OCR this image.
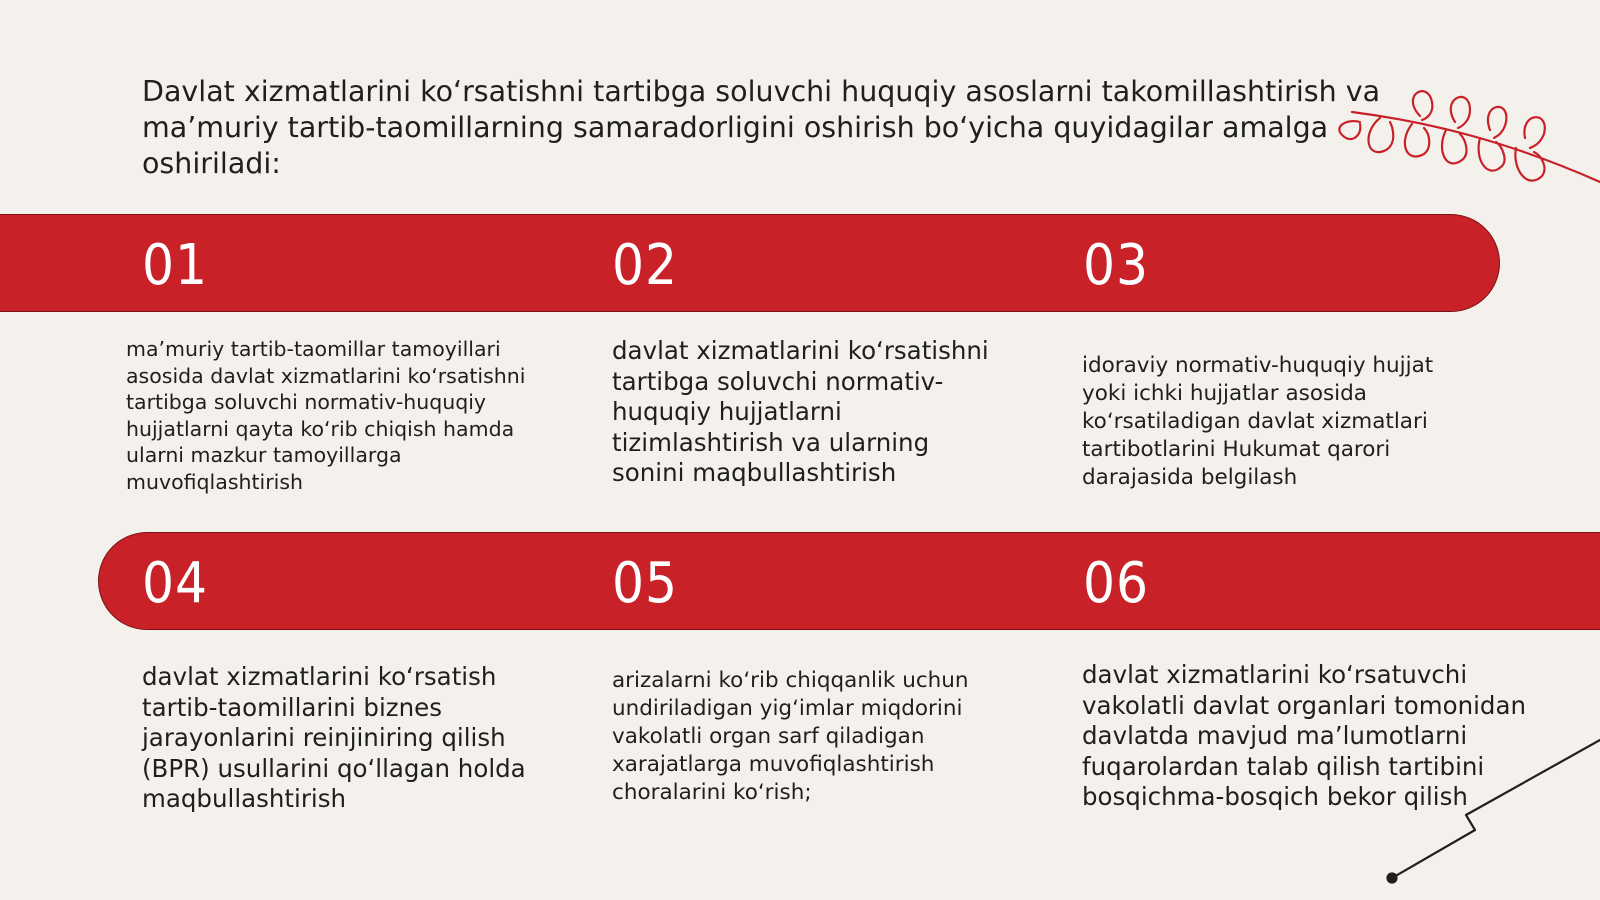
Davlat xizmatlarini ko‘rsatishni tartibga soluvchi huquqiy asoslarni takomillashtirish va ma’muriy tartib-taomillarning samaradorligini oshirish bo‘yicha quyidagilar amalga oshiriladi:

01	02	03
04	05	06

ma’muriy tartib-taomillar tamoyillari asosida davlat xizmatlarini ko‘rsatishni tartibga soluvchi normativ-huquqiy hujjatlarni qayta ko‘rib chiqish hamda ularni mazkur tamoyillarga muvofiqlashtirish

davlat xizmatlarini ko‘rsatishni tartibga soluvchi normativ-huquqiy hujjatlarni tizimlashtirish va ularning sonini maqbullashtirish

idoraviy normativ-huquqiy hujjat yoki ichki hujjatlar asosida ko‘rsatiladigan davlat xizmatlari tartibotlarini Hukumat qarori darajasida belgilash

davlat xizmatlarini ko‘rsatish tartib-taomillarini biznes jarayonlarini reinjiniring qilish (BPR) usullarini qo‘llagan holda maqbullashtirish

arizalarni ko‘rib chiqqanlik uchun undiriladigan yig‘imlar miqdorini vakolatli organ sarf qiladigan xarajatlarga muvofiqlashtirish choralarini ko‘rish;

davlat xizmatlarini ko‘rsatuvchi vakolatli davlat organlari tomonidan davlatda mavjud ma’lumotlarni fuqarolardan talab qilish tartibini bosqichma-bosqich bekor qilish
